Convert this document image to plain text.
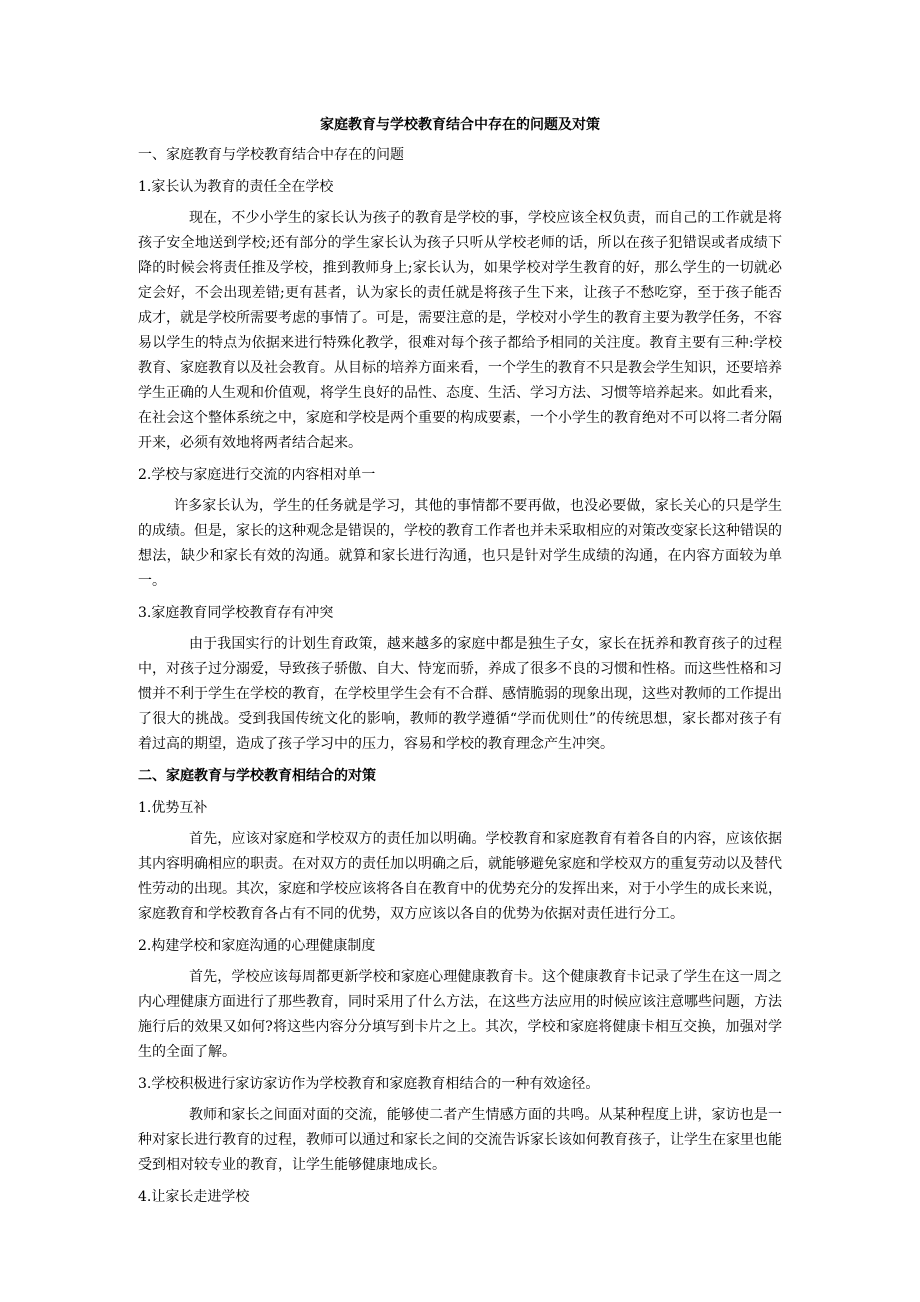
家庭教育与学校教育结合中存在的问题及对策
一、家庭教育与学校教育结合中存在的问题
1.家长认为教育的责任全在学校
现在，不少小学生的家长认为孩子的教育是学校的事，学校应该全权负责，而自己的工作就是将孩子安全地送到学校;还有部分的学生家长认为孩子只听从学校老师的话，所以在孩子犯错误或者成绩下降的时候会将责任推及学校，推到教师身上;家长认为，如果学校对学生教育的好，那么学生的一切就必定会好，不会出现差错;更有甚者，认为家长的责任就是将孩子生下来，让孩子不愁吃穿，至于孩子能否成才，就是学校所需要考虑的事情了。可是，需要注意的是，学校对小学生的教育主要为教学任务，不容易以学生的特点为依据来进行特殊化教学，很难对每个孩子都给予相同的关注度。教育主要有三种:学校教育、家庭教育以及社会教育。从目标的培养方面来看，一个学生的教育不只是教会学生知识，还要培养学生正确的人生观和价值观，将学生良好的品性、态度、生活、学习方法、习惯等培养起来。如此看来，在社会这个整体系统之中，家庭和学校是两个重要的构成要素，一个小学生的教育绝对不可以将二者分隔开来，必须有效地将两者结合起来。
2.学校与家庭进行交流的内容相对单一
许多家长认为，学生的任务就是学习，其他的事情都不要再做，也没必要做，家长关心的只是学生的成绩。但是，家长的这种观念是错误的，学校的教育工作者也并未采取相应的对策改变家长这种错误的想法，缺少和家长有效的沟通。就算和家长进行沟通，也只是针对学生成绩的沟通，在内容方面较为单一。
3.家庭教育同学校教育存有冲突
由于我国实行的计划生育政策，越来越多的家庭中都是独生子女，家长在抚养和教育孩子的过程中，对孩子过分溺爱，导致孩子骄傲、自大、恃宠而骄，养成了很多不良的习惯和性格。而这些性格和习惯并不利于学生在学校的教育，在学校里学生会有不合群、感情脆弱的现象出现，这些对教师的工作提出了很大的挑战。受到我国传统文化的影响，教师的教学遵循“学而优则仕”的传统思想，家长都对孩子有着过高的期望，造成了孩子学习中的压力，容易和学校的教育理念产生冲突。
二、家庭教育与学校教育相结合的对策
1.优势互补
首先，应该对家庭和学校双方的责任加以明确。学校教育和家庭教育有着各自的内容，应该依据其内容明确相应的职责。在对双方的责任加以明确之后，就能够避免家庭和学校双方的重复劳动以及替代性劳动的出现。其次，家庭和学校应该将各自在教育中的优势充分的发挥出来，对于小学生的成长来说，家庭教育和学校教育各占有不同的优势，双方应该以各自的优势为依据对责任进行分工。
2.构建学校和家庭沟通的心理健康制度
首先，学校应该每周都更新学校和家庭心理健康教育卡。这个健康教育卡记录了学生在这一周之内心理健康方面进行了那些教育，同时采用了什么方法，在这些方法应用的时候应该注意哪些问题，方法施行后的效果又如何?将这些内容分分填写到卡片之上。其次，学校和家庭将健康卡相互交换，加强对学生的全面了解。
3.学校积极进行家访家访作为学校教育和家庭教育相结合的一种有效途径。
教师和家长之间面对面的交流，能够使二者产生情感方面的共鸣。从某种程度上讲，家访也是一种对家长进行教育的过程，教师可以通过和家长之间的交流告诉家长该如何教育孩子，让学生在家里也能受到相对较专业的教育，让学生能够健康地成长。
4.让家长走进学校
